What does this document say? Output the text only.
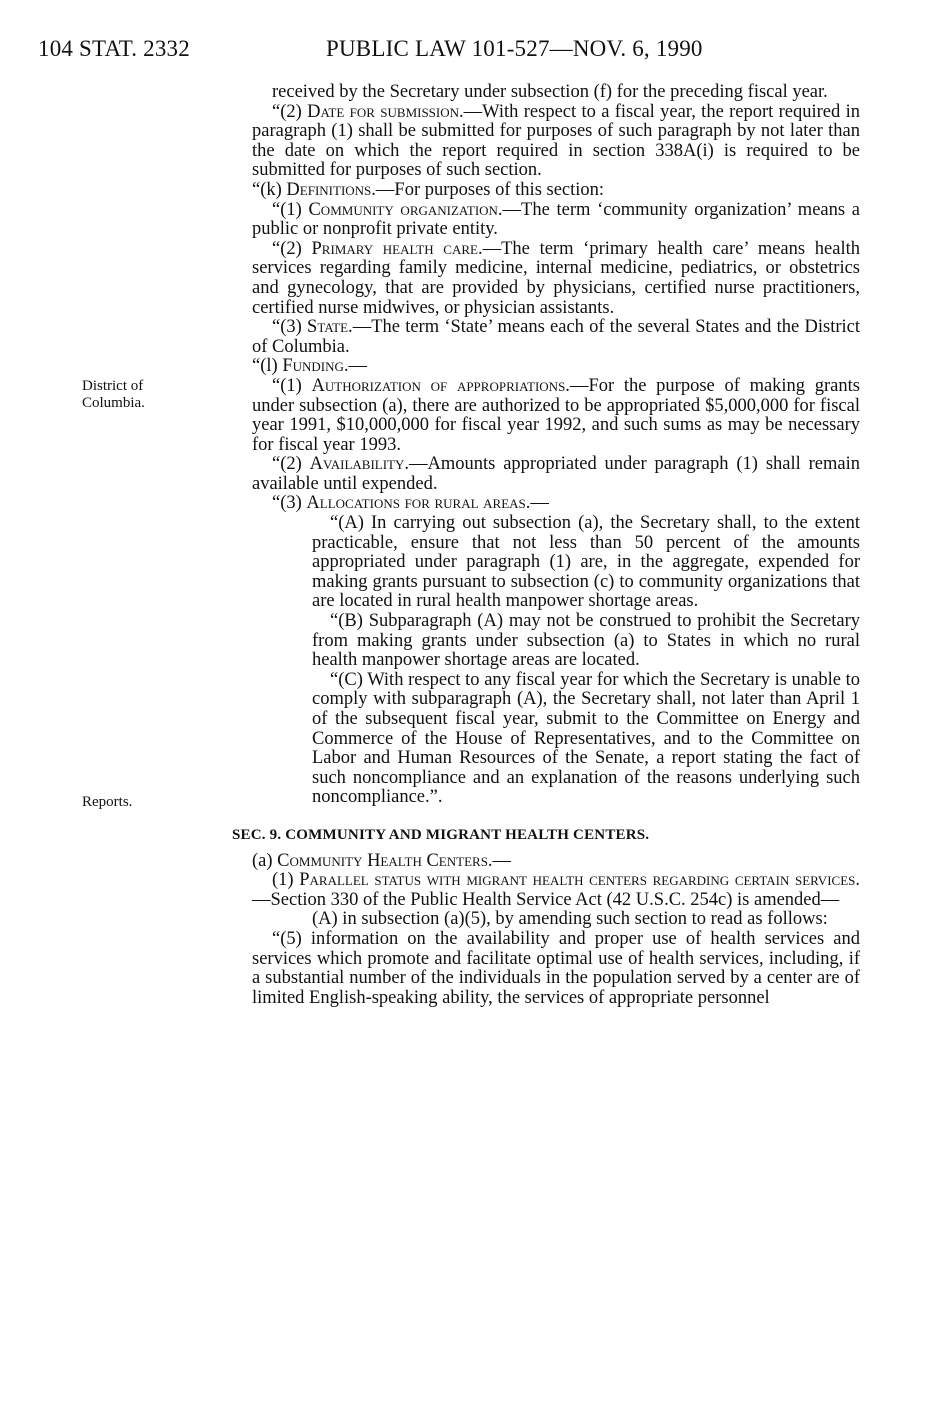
104 STAT. 2332	PUBLIC LAW 101-527—NOV. 6, 1990
District of Columbia.
Reports.

received by the Secretary under subsection (f) for the preceding fiscal year.

“(2) Date for submission.—With respect to a fiscal year, the report required in paragraph (1) shall be submitted for purposes of such paragraph by not later than the date on which the report required in section 338A(i) is required to be submitted for purposes of such section.

“(k) Definitions.—For purposes of this section:

“(1) Community organization.—The term ‘community organization’ means a public or nonprofit private entity.

“(2) Primary health care.—The term ‘primary health care’ means health services regarding family medicine, internal medicine, pediatrics, or obstetrics and gynecology, that are provided by physicians, certified nurse practitioners, certified nurse midwives, or physician assistants.

“(3) State.—The term ‘State’ means each of the several States and the District of Columbia.

“(l) Funding.—

“(1) Authorization of appropriations.—For the purpose of making grants under subsection (a), there are authorized to be appropriated $5,000,000 for fiscal year 1991, $10,000,000 for fiscal year 1992, and such sums as may be necessary for fiscal year 1993.

“(2) Availability.—Amounts appropriated under paragraph (1) shall remain available until expended.

“(3) Allocations for rural areas.—

“(A) In carrying out subsection (a), the Secretary shall, to the extent practicable, ensure that not less than 50 percent of the amounts appropriated under paragraph (1) are, in the aggregate, expended for making grants pursuant to subsection (c) to community organizations that are located in rural health manpower shortage areas.

“(B) Subparagraph (A) may not be construed to prohibit the Secretary from making grants under subsection (a) to States in which no rural health manpower shortage areas are located.

“(C) With respect to any fiscal year for which the Secretary is unable to comply with subparagraph (A), the Secretary shall, not later than April 1 of the subsequent fiscal year, submit to the Committee on Energy and Commerce of the House of Representatives, and to the Committee on Labor and Human Resources of the Senate, a report stating the fact of such noncompliance and an explanation of the reasons underlying such noncompliance.”.

SEC. 9. COMMUNITY AND MIGRANT HEALTH CENTERS.

(a) Community Health Centers.—

(1) Parallel status with migrant health centers regarding certain services.—Section 330 of the Public Health Service Act (42 U.S.C. 254c) is amended—

(A) in subsection (a)(5), by amending such section to read as follows:

“(5) information on the availability and proper use of health services and services which promote and facilitate optimal use of health services, including, if a substantial number of the individuals in the population served by a center are of limited English-speaking ability, the services of appropriate personnel
